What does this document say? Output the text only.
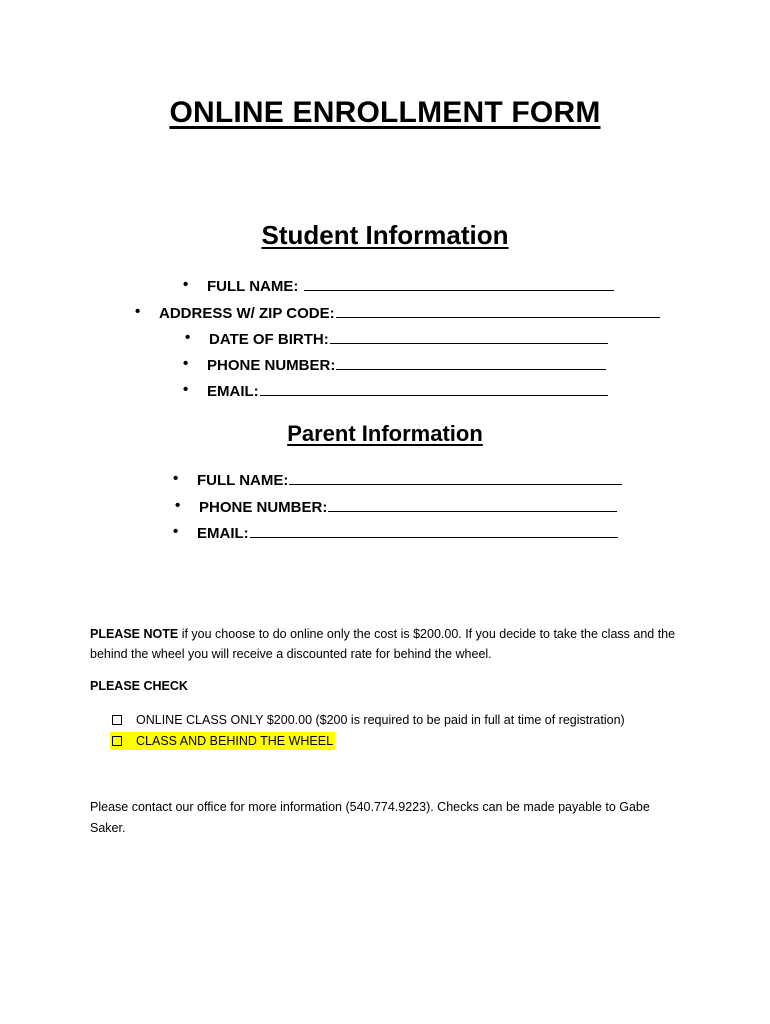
ONLINE ENROLLMENT FORM
Student Information
• FULL NAME:
• ADDRESS W/ ZIP CODE:
• DATE OF BIRTH:
• PHONE NUMBER:
• EMAIL:
Parent Information
• FULL NAME:
• PHONE NUMBER:
• EMAIL:
PLEASE NOTE if you choose to do online only the cost is $200.00. If you decide to take the class and the behind the wheel you will receive a discounted rate for behind the wheel.
PLEASE CHECK
ONLINE CLASS ONLY $200.00 ($200 is required to be paid in full at time of registration)
CLASS AND BEHIND THE WHEEL
Please contact our office for more information (540.774.9223). Checks can be made payable to Gabe Saker.
